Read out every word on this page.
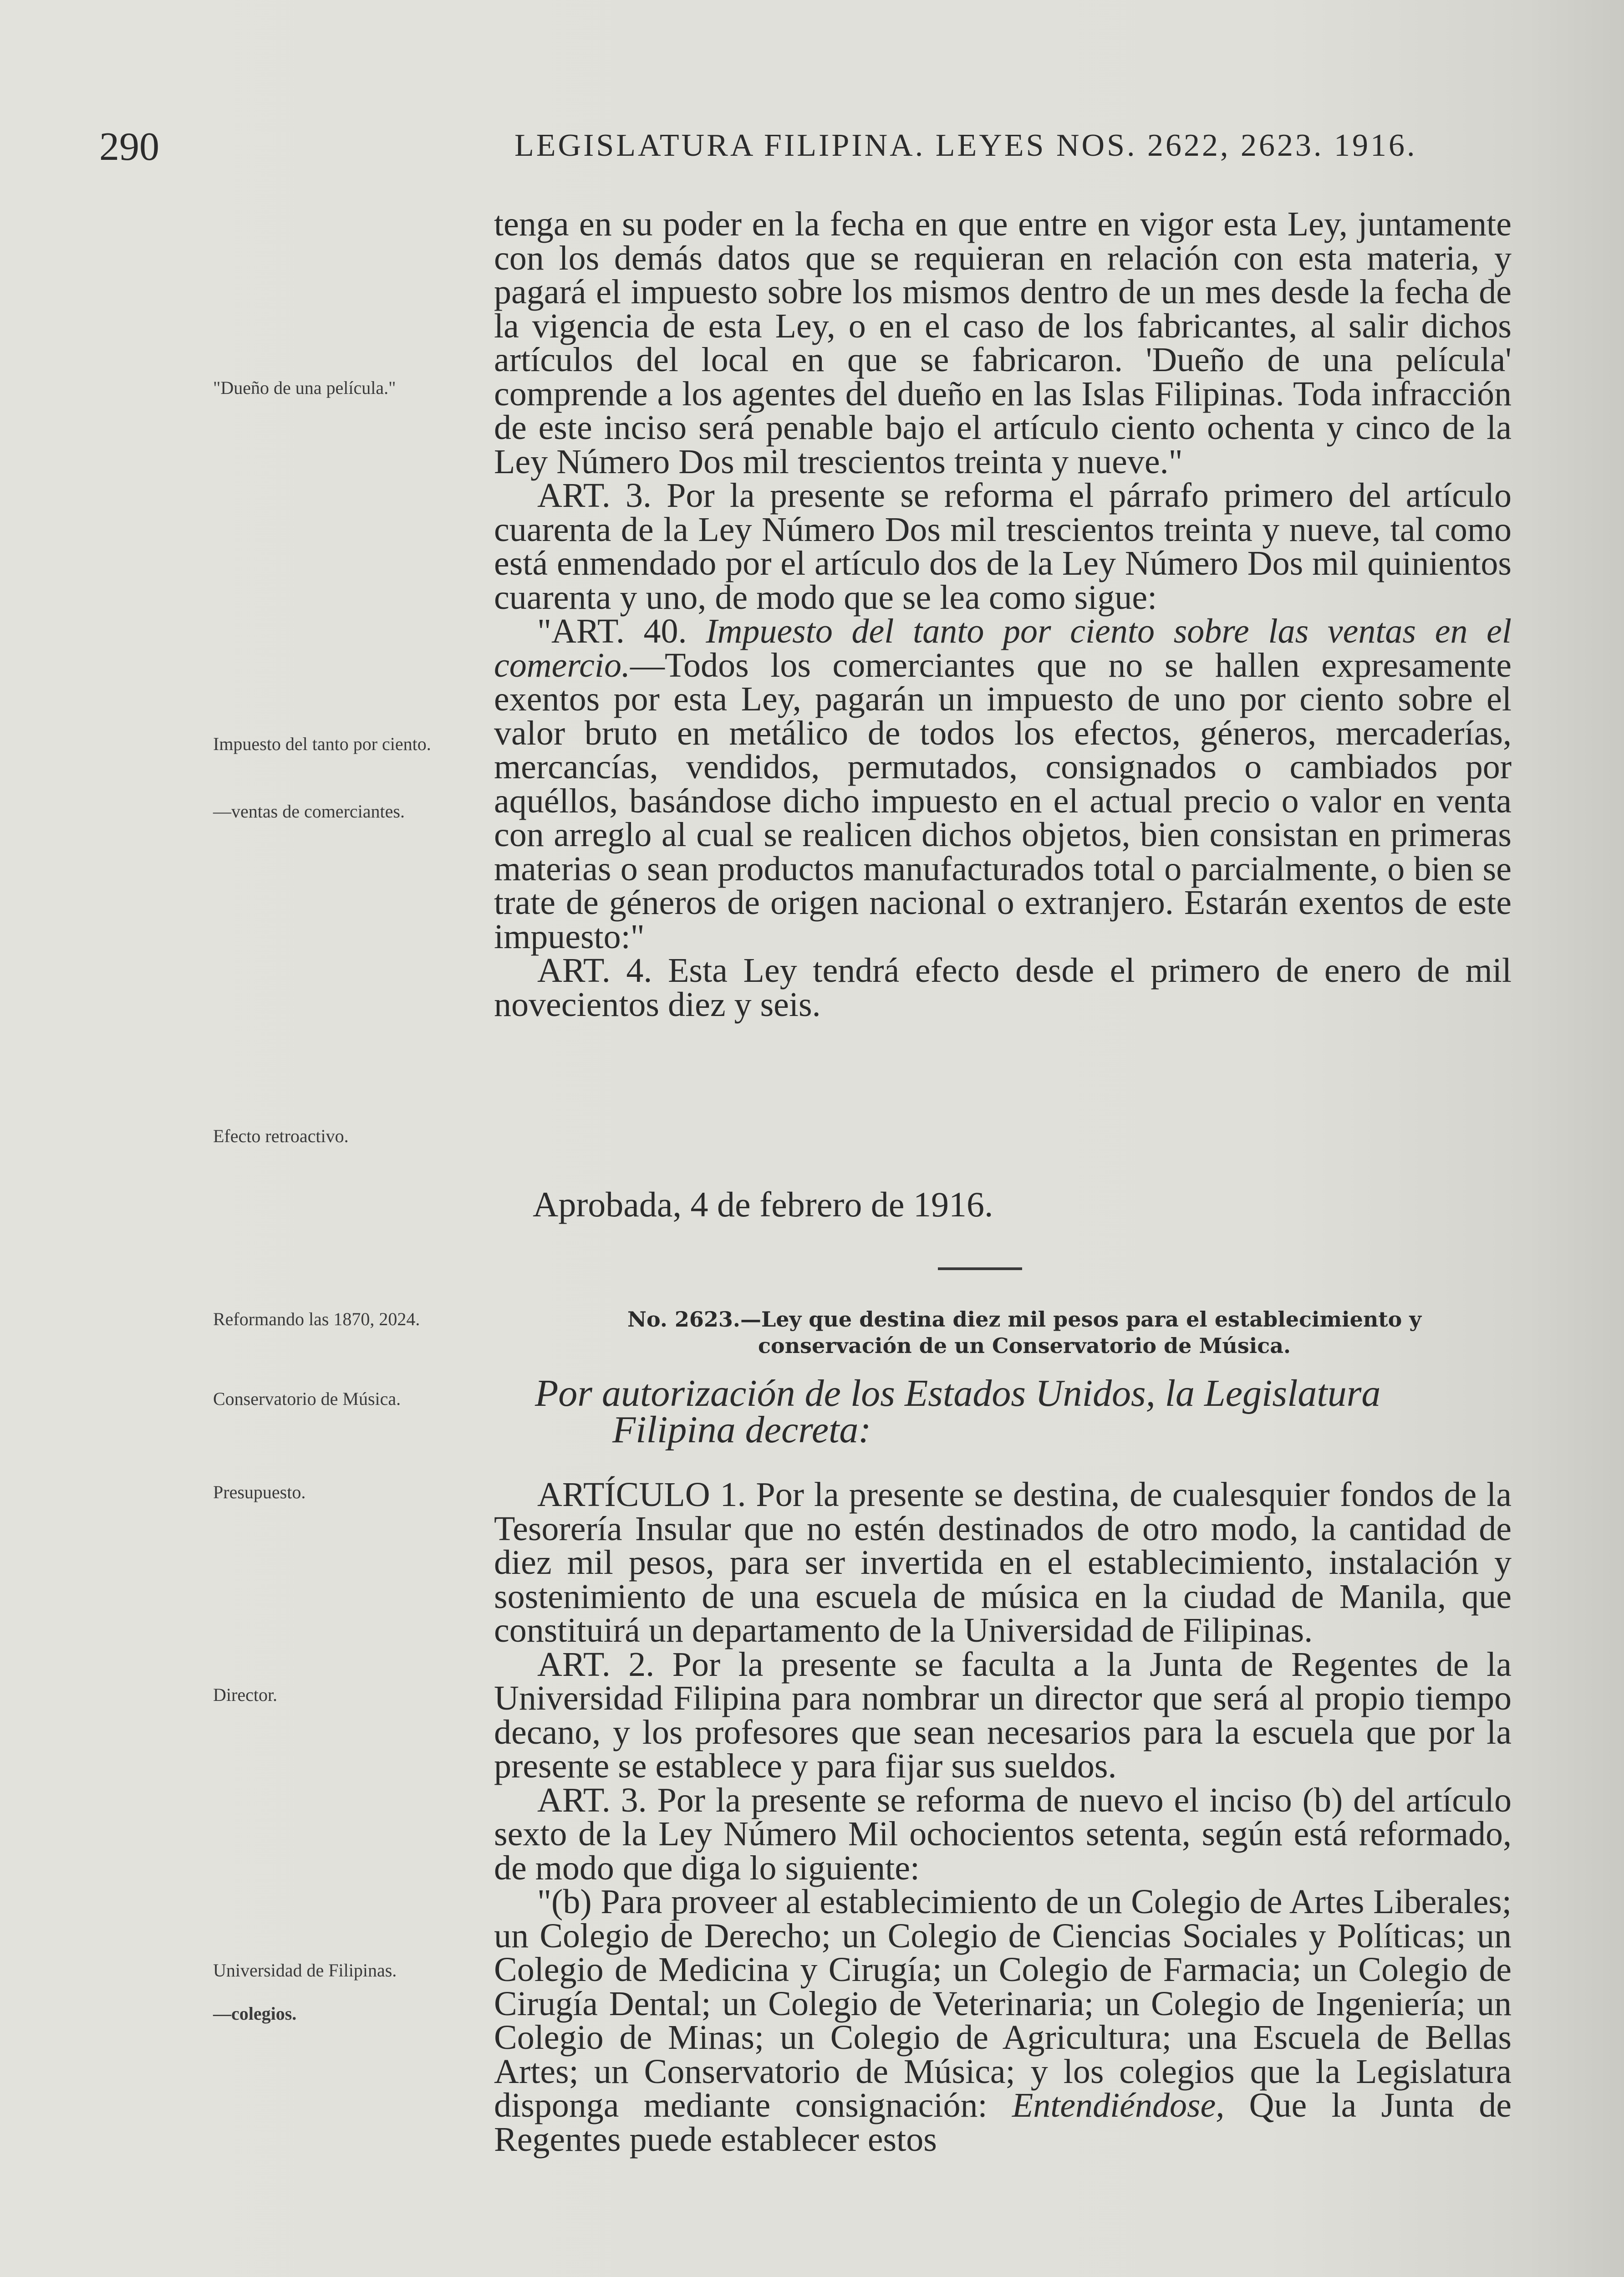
290	LEGISLATURA FILIPINA. LEYES NOS. 2622, 2623. 1916.
"Dueño de una película."
Impuesto del tanto por ciento.
—ventas de comerciantes.
Efecto retroactivo.
Reformando las 1870, 2024.
Conservatorio de Música.
Presupuesto.
Director.
Universidad de Filipinas.
—colegios.

tenga en su poder en la fecha en que entre en vigor esta Ley, juntamente con los demás datos que se requieran en relación con esta materia, y pagará el impuesto sobre los mismos dentro de un mes desde la fecha de la vigencia de esta Ley, o en el caso de los fabricantes, al salir dichos artículos del local en que se fabricaron. 'Dueño de una película' comprende a los agentes del dueño en las Islas Filipinas. Toda infracción de este inciso será penable bajo el artículo ciento ochenta y cinco de la Ley Número Dos mil trescientos treinta y nueve."

ART. 3. Por la presente se reforma el párrafo primero del artículo cuarenta de la Ley Número Dos mil trescientos treinta y nueve, tal como está enmendado por el artículo dos de la Ley Número Dos mil quinientos cuarenta y uno, de modo que se lea como sigue:

"ART. 40. Impuesto del tanto por ciento sobre las ventas en el comercio.—Todos los comerciantes que no se hallen expresamente exentos por esta Ley, pagarán un impuesto de uno por ciento sobre el valor bruto en metálico de todos los efectos, géneros, mercaderías, mercancías, vendidos, permutados, consignados o cambiados por aquéllos, basándose dicho impuesto en el actual precio o valor en venta con arreglo al cual se realicen dichos objetos, bien consistan en primeras materias o sean productos manufacturados total o parcialmente, o bien se trate de géneros de origen nacional o extranjero. Estarán exentos de este impuesto:"

ART. 4. Esta Ley tendrá efecto desde el primero de enero de mil novecientos diez y seis.

Aprobada, 4 de febrero de 1916.
No. 2623.—Ley que destina diez mil pesos para el establecimiento y
conservación de un Conservatorio de Música.
Por autorización de los Estados Unidos, la Legislatura
Filipina decreta:

ARTÍCULO 1. Por la presente se destina, de cualesquier fondos de la Tesorería Insular que no estén destinados de otro modo, la cantidad de diez mil pesos, para ser invertida en el establecimiento, instalación y sostenimiento de una escuela de música en la ciudad de Manila, que constituirá un departamento de la Universidad de Filipinas.

ART. 2. Por la presente se faculta a la Junta de Regentes de la Universidad Filipina para nombrar un director que será al propio tiempo decano, y los profesores que sean necesarios para la escuela que por la presente se establece y para fijar sus sueldos.

ART. 3. Por la presente se reforma de nuevo el inciso (b) del artículo sexto de la Ley Número Mil ochocientos setenta, según está reformado, de modo que diga lo siguiente:

"(b) Para proveer al establecimiento de un Colegio de Artes Liberales; un Colegio de Derecho; un Colegio de Ciencias Sociales y Políticas; un Colegio de Medicina y Cirugía; un Colegio de Farmacia; un Colegio de Cirugía Dental; un Colegio de Veterinaria; un Colegio de Ingeniería; un Colegio de Minas; un Colegio de Agricultura; una Escuela de Bellas Artes; un Conservatorio de Música; y los colegios que la Legislatura disponga mediante consignación: Entendiéndose, Que la Junta de Regentes puede establecer estos
